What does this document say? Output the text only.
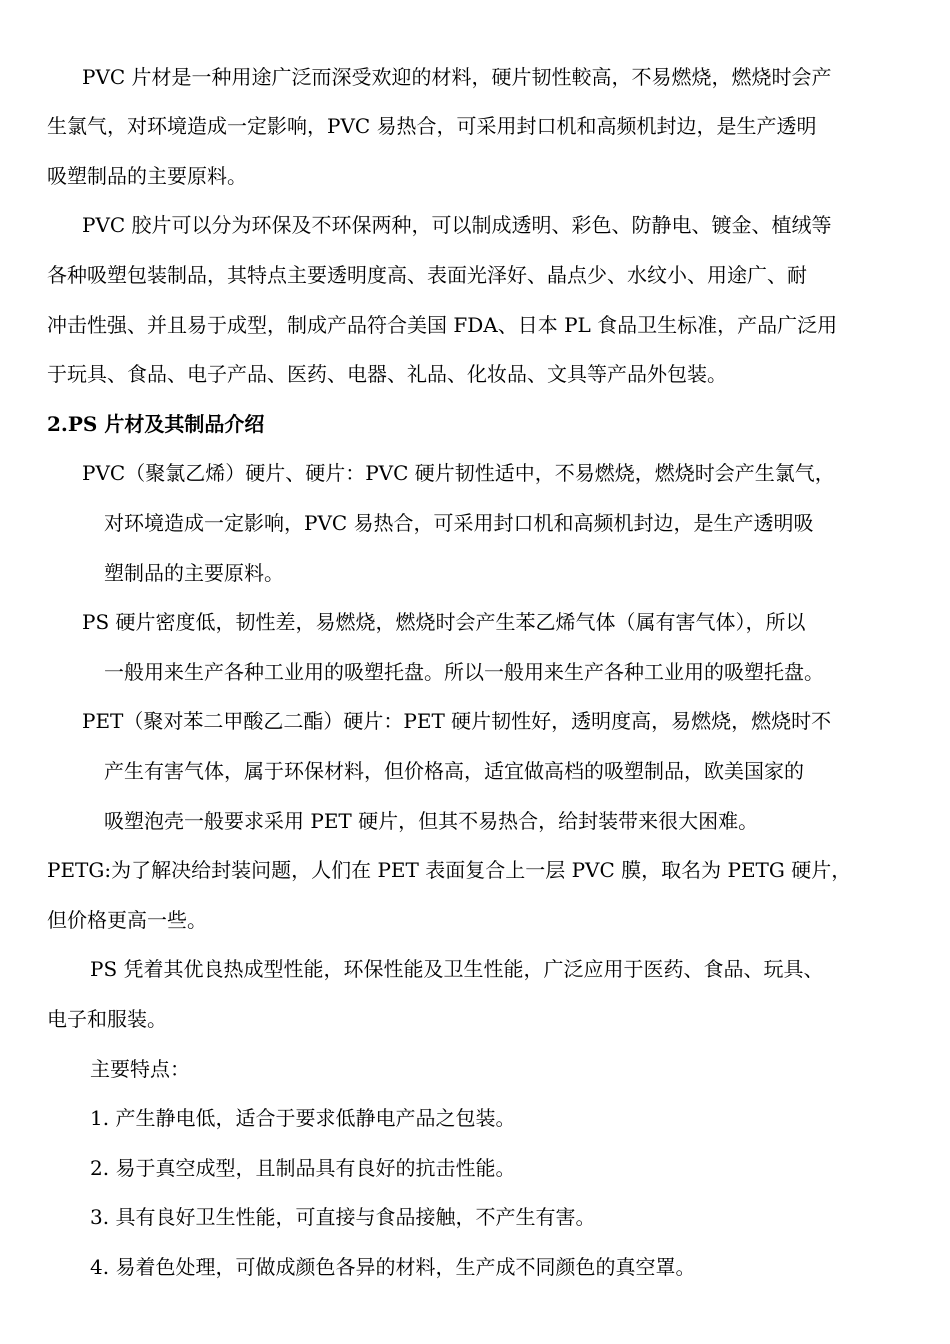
PVC 片材是一种用途广泛而深受欢迎的材料，硬片韧性較高，不易燃烧，燃烧时会产
生氯气，对环境造成一定影响，PVC 易热合，可采用封口机和高频机封边，是生产透明
吸塑制品的主要原料。
PVC 胶片可以分为环保及不环保两种，可以制成透明、彩色、防静电、镀金、植绒等
各种吸塑包装制品，其特点主要透明度高、表面光泽好、晶点少、水纹小、用途广、耐
冲击性强、并且易于成型，制成产品符合美国 FDA、日本 PL 食品卫生标准，产品广泛用
于玩具、食品、电子产品、医药、电器、礼品、化妆品、文具等产品外包装。
2.PS 片材及其制品介绍
PVC（聚氯乙烯）硬片、硬片：PVC 硬片韧性适中，不易燃烧，燃烧时会产生氯气，
对环境造成一定影响，PVC 易热合，可采用封口机和高频机封边，是生产透明吸
塑制品的主要原料。
PS 硬片密度低，韧性差，易燃烧，燃烧时会产生苯乙烯气体（属有害气体），所以
一般用来生产各种工业用的吸塑托盘。所以一般用来生产各种工业用的吸塑托盘。
PET（聚对苯二甲酸乙二酯）硬片：PET 硬片韧性好，透明度高，易燃烧，燃烧时不
产生有害气体，属于环保材料，但价格高，适宜做高档的吸塑制品，欧美国家的
吸塑泡壳一般要求采用 PET 硬片，但其不易热合，给封装带来很大困难。
PETG:为了解决给封装问题，人们在 PET 表面复合上一层 PVC 膜，取名为 PETG 硬片，
但价格更高一些。
PS 凭着其优良热成型性能，环保性能及卫生性能，广泛应用于医药、食品、玩具、
电子和服装。
主要特点：
1. 产生静电低，适合于要求低静电产品之包装。
2. 易于真空成型，且制品具有良好的抗击性能。
3. 具有良好卫生性能，可直接与食品接触，不产生有害。
4. 易着色处理，可做成颜色各异的材料，生产成不同颜色的真空罩。
